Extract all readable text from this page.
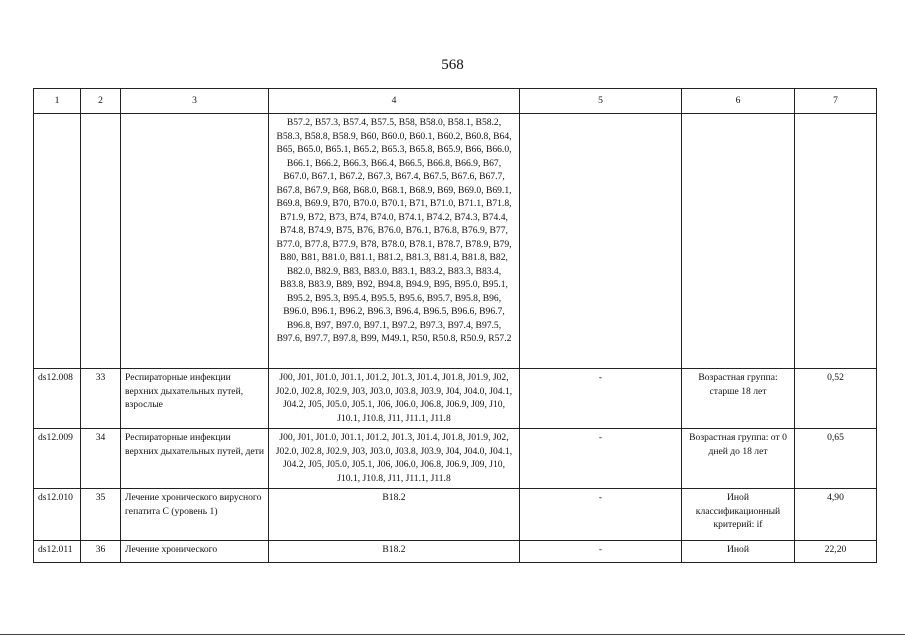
568
1	2	3	4	5	6	7
			B57.2, B57.3, B57.4, B57.5, B58, B58.0, B58.1, B58.2, B58.3, B58.8, B58.9, B60, B60.0, B60.1, B60.2, B60.8, B64, B65, B65.0, B65.1, B65.2, B65.3, B65.8, B65.9, B66, B66.0, B66.1, B66.2, B66.3, B66.4, B66.5, B66.8, B66.9, B67, B67.0, B67.1, B67.2, B67.3, B67.4, B67.5, B67.6, B67.7, B67.8, B67.9, B68, B68.0, B68.1, B68.9, B69, B69.0, B69.1, B69.8, B69.9, B70, B70.0, B70.1, B71, B71.0, B71.1, B71.8, B71.9, B72, B73, B74, B74.0, B74.1, B74.2, B74.3, B74.4, B74.8, B74.9, B75, B76, B76.0, B76.1, B76.8, B76.9, B77, B77.0, B77.8, B77.9, B78, B78.0, B78.1, B78.7, B78.9, B79, B80, B81, B81.0, B81.1, B81.2, B81.3, B81.4, B81.8, B82, B82.0, B82.9, B83, B83.0, B83.1, B83.2, B83.3, B83.4, B83.8, B83.9, B89, B92, B94.8, B94.9, B95, B95.0, B95.1, B95.2, B95.3, B95.4, B95.5, B95.6, B95.7, B95.8, B96, B96.0, B96.1, B96.2, B96.3, B96.4, B96.5, B96.6, B96.7, B96.8, B97, B97.0, B97.1, B97.2, B97.3, B97.4, B97.5, B97.6, B97.7, B97.8, B99, M49.1, R50, R50.8, R50.9, R57.2			
ds12.008	33	Респираторные инфекции верхних дыхательных путей, взрослые	J00, J01, J01.0, J01.1, J01.2, J01.3, J01.4, J01.8, J01.9, J02, J02.0, J02.8, J02.9, J03, J03.0, J03.8, J03.9, J04, J04.0, J04.1, J04.2, J05, J05.0, J05.1, J06, J06.0, J06.8, J06.9, J09, J10, J10.1, J10.8, J11, J11.1, J11.8	-	Возрастная группа: старше 18 лет	0,52
ds12.009	34	Респираторные инфекции верхних дыхательных путей, дети	J00, J01, J01.0, J01.1, J01.2, J01.3, J01.4, J01.8, J01.9, J02, J02.0, J02.8, J02.9, J03, J03.0, J03.8, J03.9, J04, J04.0, J04.1, J04.2, J05, J05.0, J05.1, J06, J06.0, J06.8, J06.9, J09, J10, J10.1, J10.8, J11, J11.1, J11.8	-	Возрастная группа: от 0 дней до 18 лет	0,65
ds12.010	35	Лечение хронического вирусного гепатита С (уровень 1)	B18.2	-	Иной классификационный критерий: if	4,90
ds12.011	36	Лечение хронического	B18.2	-	Иной	22,20
